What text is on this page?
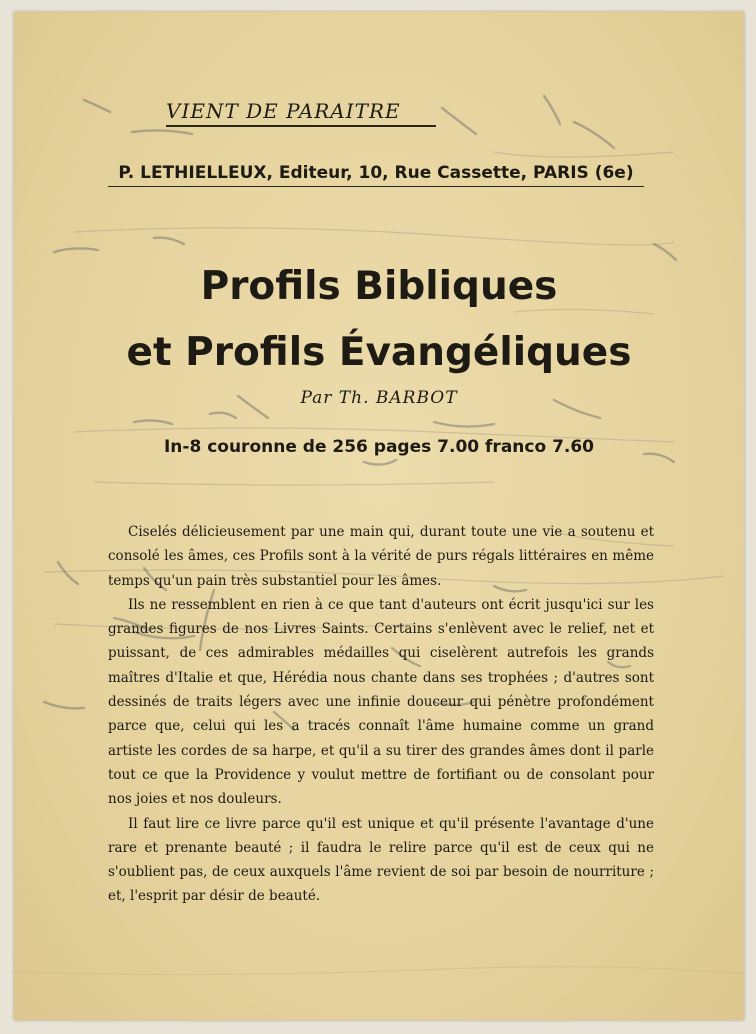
VIENT DE PARAITRE
P. LETHIELLEUX, Editeur, 10, Rue Cassette, PARIS (6e)
Profils Bibliques
et Profils Évangéliques
Par Th. BARBOT
In-8 couronne de 256 pages 7.00 franco 7.60

Ciselés délicieusement par une main qui, durant toute une vie a soutenu et consolé les âmes, ces Profils sont à la vérité de purs régals littéraires en même temps qu'un pain très substantiel pour les âmes.

Ils ne ressemblent en rien à ce que tant d'auteurs ont écrit jusqu'ici sur les grandes figures de nos Livres Saints. Certains s'enlèvent avec le relief, net et puissant, de ces admirables médailles qui ciselèrent autrefois les grands maîtres d'Italie et que, Hérédia nous chante dans ses trophées ; d'autres sont dessinés de traits légers avec une infinie douceur qui pénètre profondément parce que, celui qui les a tracés connaît l'âme humaine comme un grand artiste les cordes de sa harpe, et qu'il a su tirer des grandes âmes dont il parle tout ce que la Providence y voulut mettre de fortifiant ou de consolant pour nos joies et nos douleurs.

Il faut lire ce livre parce qu'il est unique et qu'il présente l'avantage d'une rare et prenante beauté ; il faudra le relire parce qu'il est de ceux qui ne s'oublient pas, de ceux auxquels l'âme revient de soi par besoin de nourriture ; et, l'esprit par désir de beauté.
